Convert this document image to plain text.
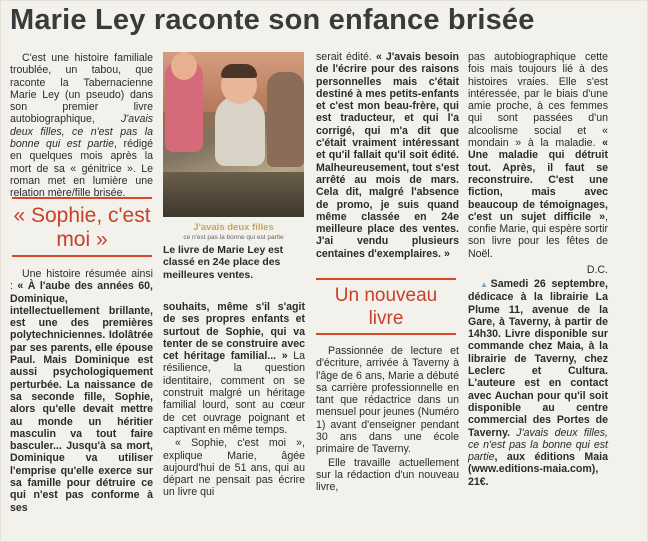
Marie Ley raconte son enfance brisée

C'est une histoire familiale troublée, un tabou, que raconte la Tabernacienne Marie Ley (un pseudo) dans son premier livre autobiographique, J'avais deux filles, ce n'est pas la bonne qui est partie, rédigé en quelques mois après la mort de sa « génitrice ». Le roman met en lumière une relation mère/fille brisée.

« Sophie, c'est moi »

Une histoire résumée ainsi : « À l'aube des années 60, Dominique, intellectuellement brillante, est une des premières polytechniciennes. Idolâtrée par ses parents, elle épouse Paul. Mais Dominique est aussi psychologiquement perturbée. La naissance de sa seconde fille, Sophie, alors qu'elle devait mettre au monde un héritier masculin va tout faire basculer... Jusqu'à sa mort, Dominique va utiliser l'emprise qu'elle exerce sur sa famille pour détruire ce qui n'est pas conforme à ses

J'avais deux filles
ce n'est pas la bonne qui est partie
Le livre de Marie Ley est classé en 24e place des meilleures ventes.

souhaits, même s'il s'agit de ses propres enfants et surtout de Sophie, qui va tenter de se construire avec cet héritage familial... » La résilience, la question identitaire, comment on se construit malgré un héritage familial lourd, sont au cœur de cet ouvrage poignant et captivant en même temps.

« Sophie, c'est moi », explique Marie, âgée aujourd'hui de 51 ans, qui au départ ne pensait pas écrire un livre qui

serait édité. « J'avais besoin de l'écrire pour des raisons personnelles mais c'était destiné à mes petits-enfants et c'est mon beau-frère, qui est traducteur, et qui l'a corrigé, qui m'a dit que c'était vraiment intéressant et qu'il fallait qu'il soit édité. Malheureusement, tout s'est arrêté au mois de mars. Cela dit, malgré l'absence de promo, je suis quand même classée en 24e meilleure place des ventes. J'ai vendu plusieurs centaines d'exemplaires. »

Un nouveau livre

Passionnée de lecture et d'écriture, arrivée à Taverny à l'âge de 6 ans, Marie a débuté sa carrière professionnelle en tant que rédactrice dans un mensuel pour jeunes (Numéro 1) avant d'enseigner pendant 30 ans dans une école primaire de Taverny.

Elle travaille actuellement sur la rédaction d'un nouveau livre,

pas autobiographique cette fois mais toujours lié à des histoires vraies. Elle s'est intéressée, par le biais d'une amie proche, à ces femmes qui sont passées d'un alcoolisme social et « mondain » à la maladie. « Une maladie qui détruit tout. Après, il faut se reconstruire. C'est une fiction, mais avec beaucoup de témoignages, c'est un sujet difficile », confie Marie, qui espère sortir son livre pour les fêtes de Noël.

D.C.

▲Samedi 26 septembre, dédicace à la librairie La Plume 11, avenue de la Gare, à Taverny, à partir de 14h30. Livre disponible sur commande chez Maia, à la librairie de Taverny, chez Leclerc et Cultura. L'auteure est en contact avec Auchan pour qu'il soit disponible au centre commercial des Portes de Taverny. J'avais deux filles, ce n'est pas la bonne qui est partie, aux éditions Maia (www.editions-maia.com), 21€.
